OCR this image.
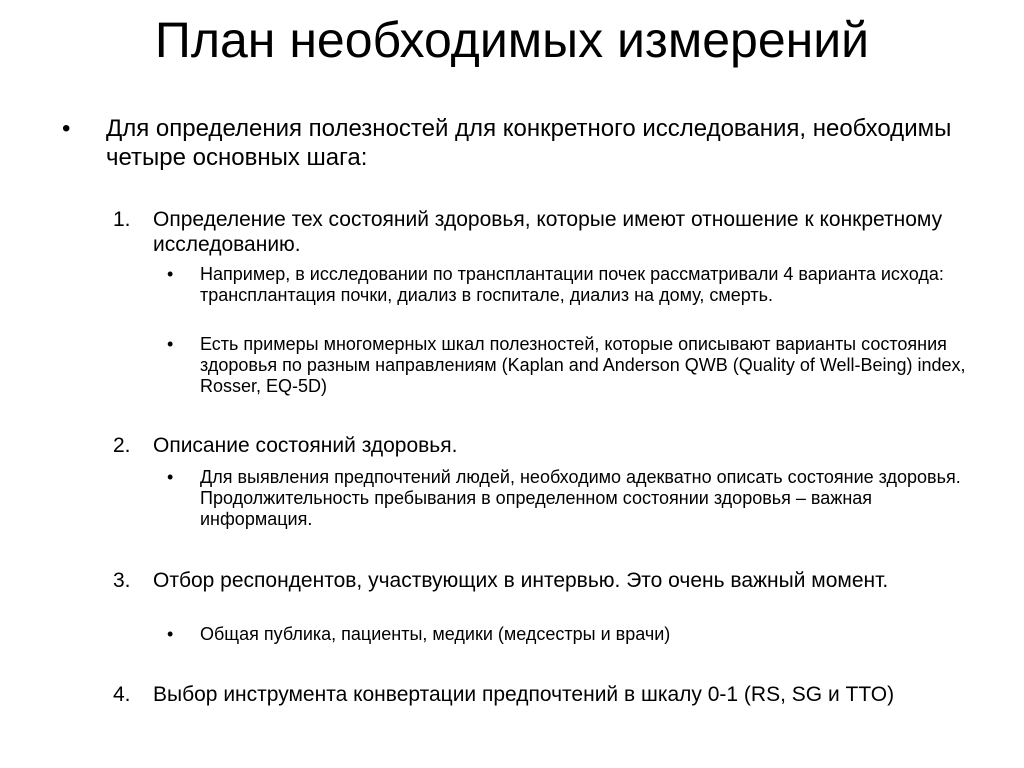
План необходимых измерений
• Для определения полезностей для конкретного исследования, необходимы четыре основных шага:
1. Определение тех состояний здоровья, которые имеют отношение к конкретному исследованию.
• Например, в исследовании по трансплантации почек рассматривали 4 варианта исхода: трансплантация почки, диализ в госпитале, диализ на дому, смерть.
• Есть примеры многомерных шкал полезностей, которые описывают варианты состояния здоровья по разным направлениям (Kaplan and Anderson QWB (Quality of Well-Being) index, Rosser, EQ-5D)
2. Описание состояний здоровья.
• Для выявления предпочтений людей, необходимо адекватно описать состояние здоровья. Продолжительность пребывания в определенном состоянии здоровья – важная информация.
3. Отбор респондентов, участвующих в интервью. Это очень важный момент.
• Общая публика, пациенты, медики (медсестры и врачи)
4. Выбор инструмента конвертации предпочтений в шкалу 0-1 (RS, SG и TTO)
